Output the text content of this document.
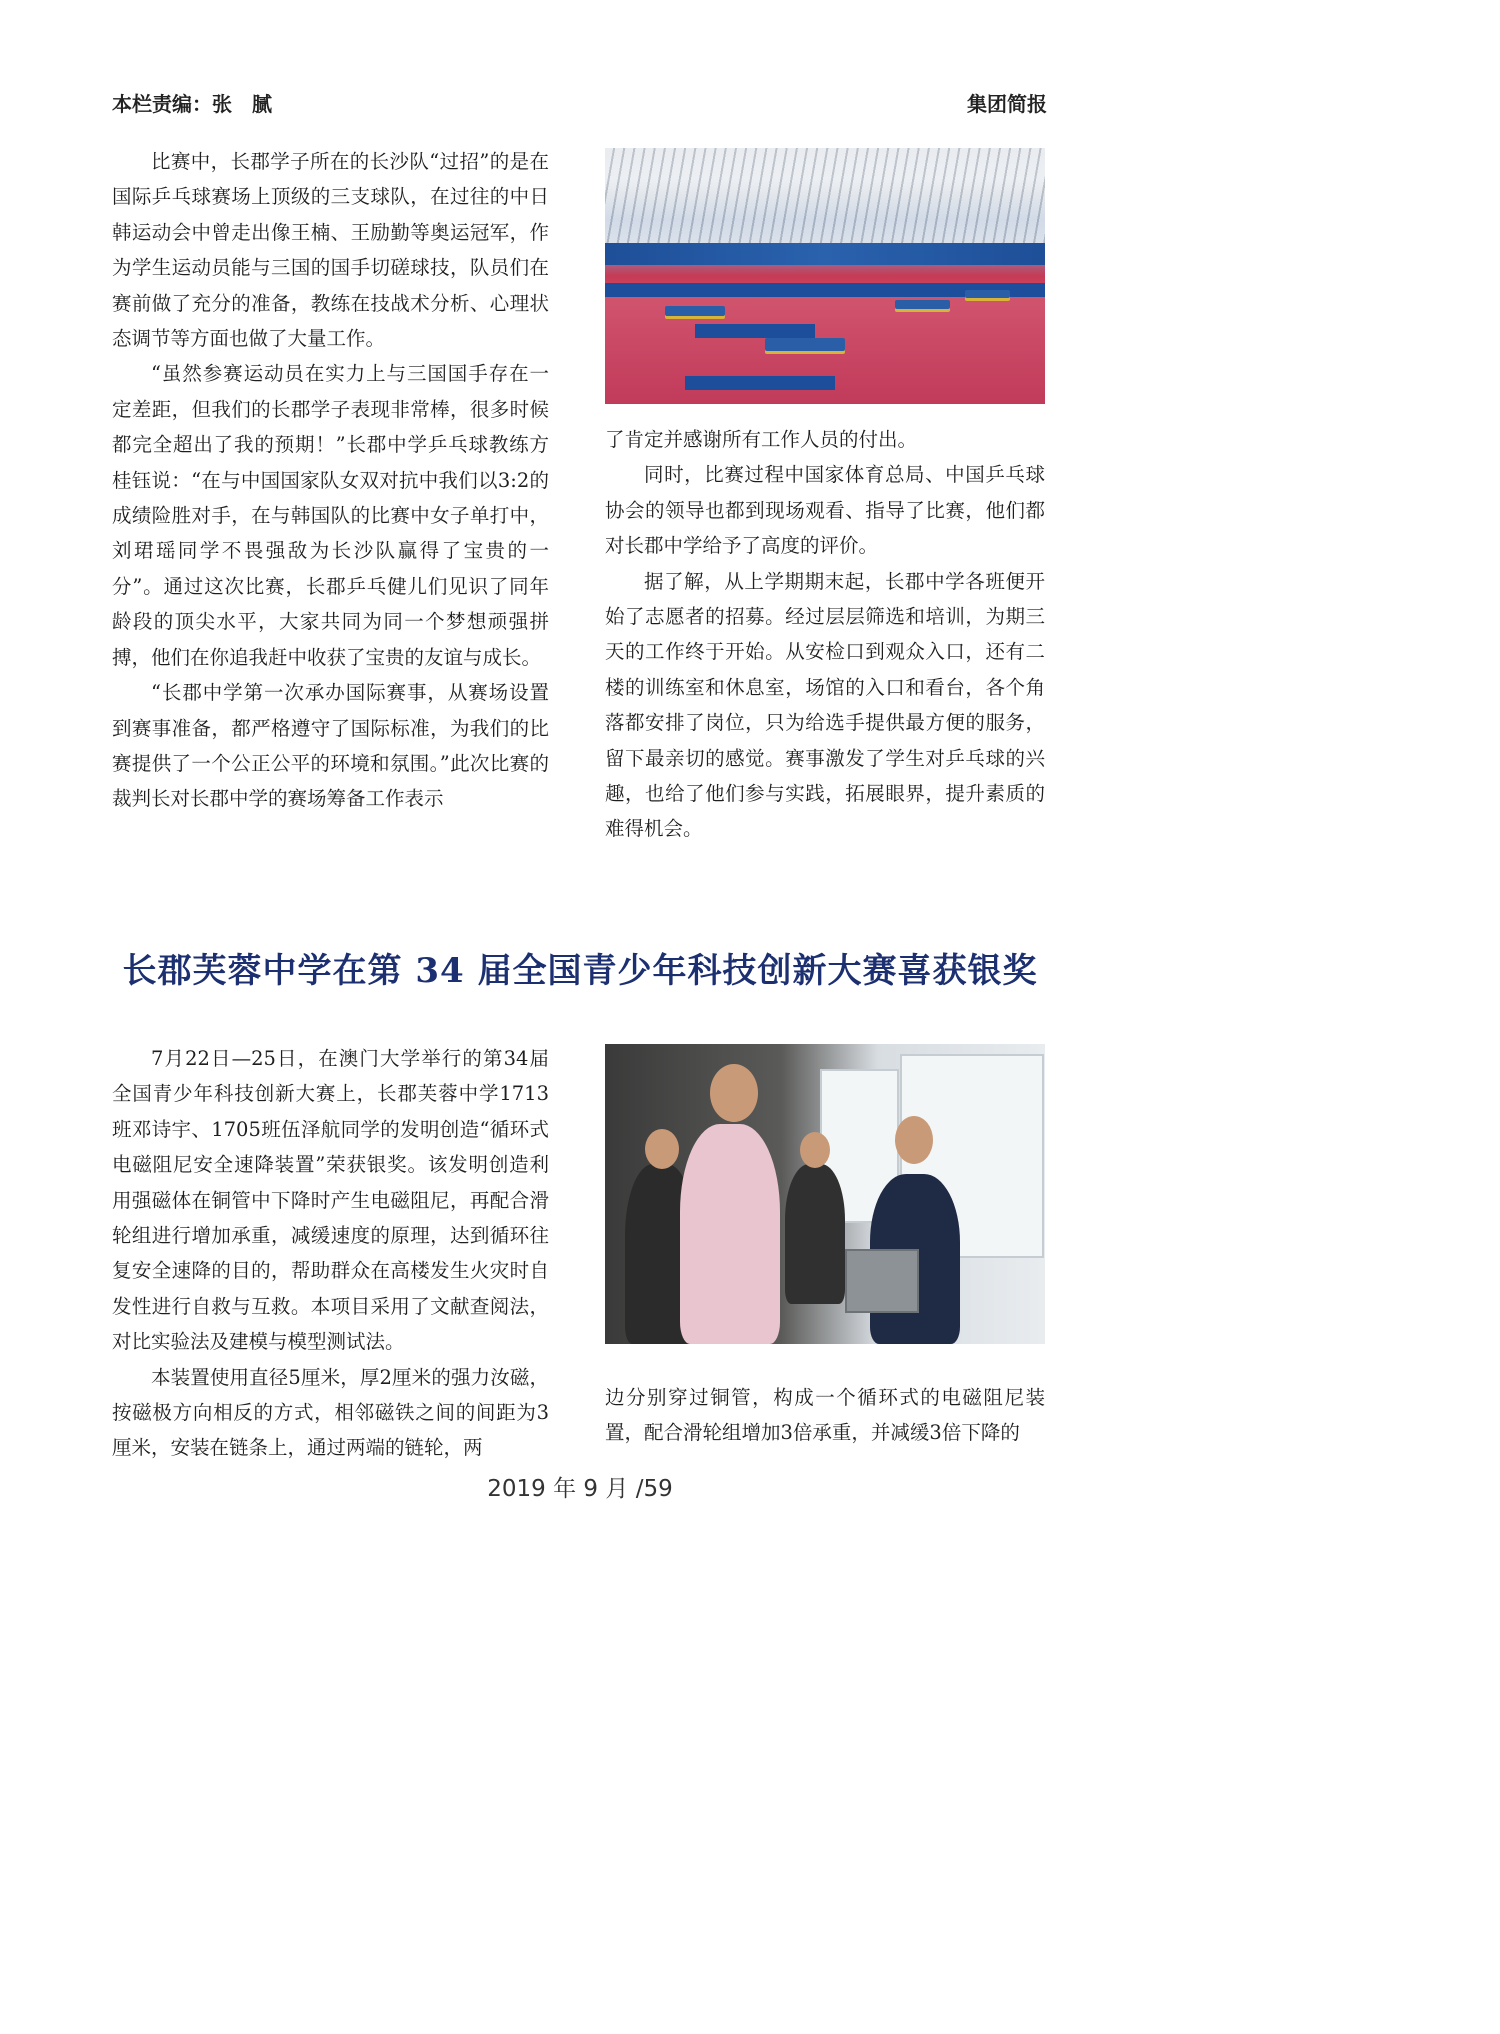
本栏责编：张　腻	集团简报

比赛中，长郡学子所在的长沙队“过招”的是在国际乒乓球赛场上顶级的三支球队，在过往的中日韩运动会中曾走出像王楠、王励勤等奥运冠军，作为学生运动员能与三国的国手切磋球技，队员们在赛前做了充分的准备，教练在技战术分析、心理状态调节等方面也做了大量工作。

“虽然参赛运动员在实力上与三国国手存在一定差距，但我们的长郡学子表现非常棒，很多时候都完全超出了我的预期！”长郡中学乒乓球教练方桂钰说：“在与中国国家队女双对抗中我们以3:2的成绩险胜对手，在与韩国队的比赛中女子单打中，刘珺瑶同学不畏强敌为长沙队赢得了宝贵的一分”。通过这次比赛，长郡乒乓健儿们见识了同年龄段的顶尖水平，大家共同为同一个梦想顽强拼搏，他们在你追我赶中收获了宝贵的友谊与成长。

“长郡中学第一次承办国际赛事，从赛场设置到赛事准备，都严格遵守了国际标准，为我们的比赛提供了一个公正公平的环境和氛围。”此次比赛的裁判长对长郡中学的赛场筹备工作表示

了肯定并感谢所有工作人员的付出。

同时，比赛过程中国家体育总局、中国乒乓球协会的领导也都到现场观看、指导了比赛，他们都对长郡中学给予了高度的评价。

据了解，从上学期期末起，长郡中学各班便开始了志愿者的招募。经过层层筛选和培训，为期三天的工作终于开始。从安检口到观众入口，还有二楼的训练室和休息室，场馆的入口和看台，各个角落都安排了岗位，只为给选手提供最方便的服务，留下最亲切的感觉。赛事激发了学生对乒乓球的兴趣，也给了他们参与实践，拓展眼界，提升素质的难得机会。

长郡芙蓉中学在第 34 届全国青少年科技创新大赛喜获银奖

7月22日—25日，在澳门大学举行的第34届全国青少年科技创新大赛上，长郡芙蓉中学1713班邓诗宇、1705班伍泽航同学的发明创造“循环式电磁阻尼安全速降装置”荣获银奖。该发明创造利用强磁体在铜管中下降时产生电磁阻尼，再配合滑轮组进行增加承重，减缓速度的原理，达到循环往复安全速降的目的，帮助群众在高楼发生火灾时自发性进行自救与互救。本项目采用了文献查阅法，对比实验法及建模与模型测试法。

本装置使用直径5厘米，厚2厘米的强力汝磁，按磁极方向相反的方式，相邻磁铁之间的间距为3厘米，安装在链条上，通过两端的链轮，两

边分别穿过铜管，构成一个循环式的电磁阻尼装置，配合滑轮组增加3倍承重，并减缓3倍下降的

2019 年 9 月 /59
